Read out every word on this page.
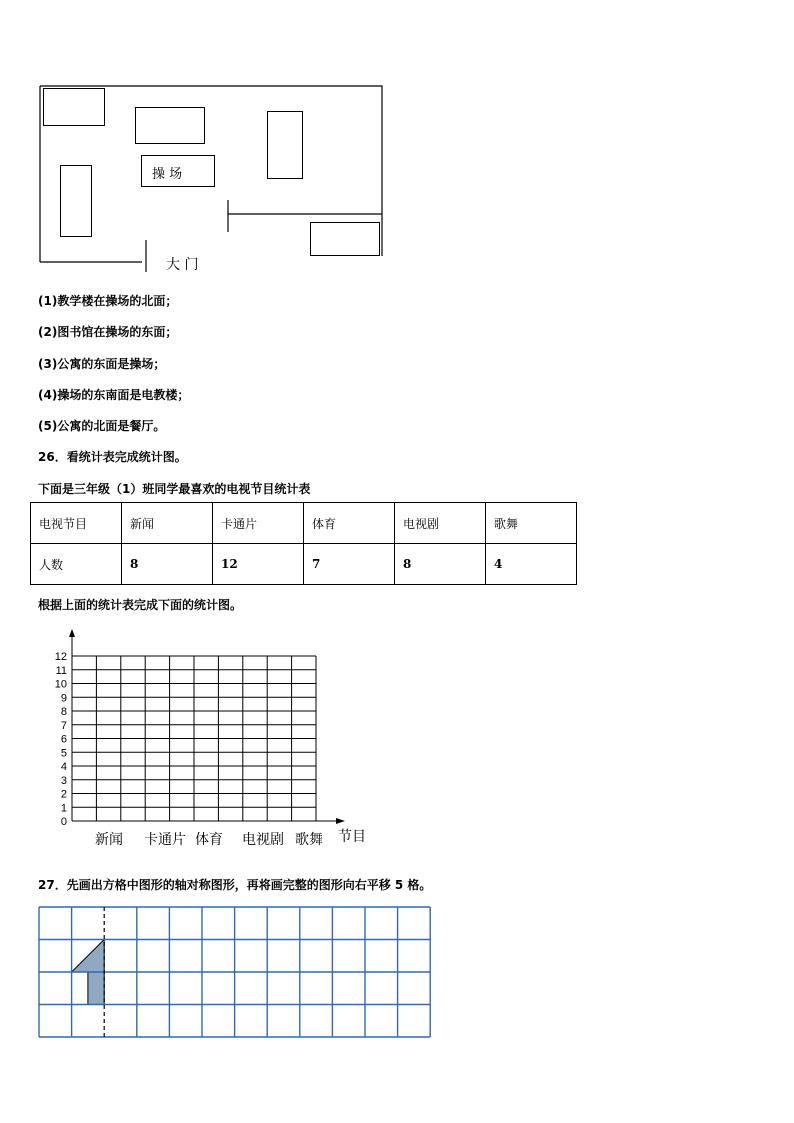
操 场
大 门
(1)教学楼在操场的北面；
(2)图书馆在操场的东面；
(3)公寓的东面是操场；
(4)操场的东南面是电教楼；
(5)公寓的北面是餐厅。
26．看统计表完成统计图。
下面是三年级（1）班同学最喜欢的电视节目统计表
电视节目	新闻	卡通片	体育	电视剧	歌舞
人数	8	12	7	8	4
根据上面的统计表完成下面的统计图。
0
1
2
3
4
5
6
7
8
9
10
11
12
新闻 卡通片 体育 电视剧 歌舞 节目
27．先画出方格中图形的轴对称图形，再将画完整的图形向右平移 5 格。
